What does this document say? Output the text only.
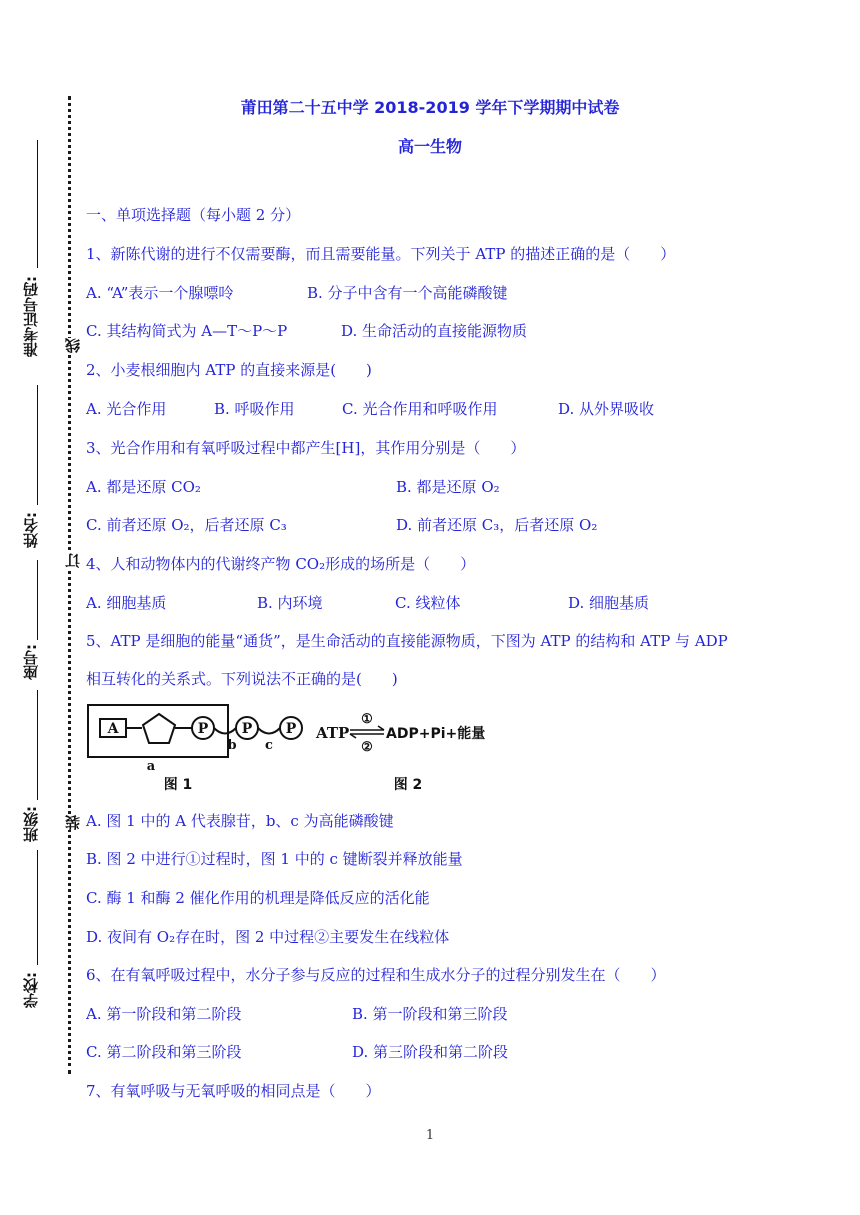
准考证号码:
姓名:
座号:
班级:
学校:
线
订
装
莆田第二十五中学 2018-2019 学年下学期期中试卷
高一生物
一、单项选择题（每小题 2 分）
1、新陈代谢的进行不仅需要酶，而且需要能量。下列关于 ATP 的描述正确的是（　　）
A. “A”表示一个腺嘌呤	B. 分子中含有一个高能磷酸键
C. 其结构简式为 A—T～P～P	D. 生命活动的直接能源物质
2、小麦根细胞内 ATP 的直接来源是(　　)
A. 光合作用	B. 呼吸作用	C. 光合作用和呼吸作用	D. 从外界吸收
3、光合作用和有氧呼吸过程中都产生[H]，其作用分别是（　　）
A. 都是还原 CO₂	B. 都是还原 O₂
C. 前者还原 O₂，后者还原 C₃	D. 前者还原 C₃，后者还原 O₂
4、人和动物体内的代谢终产物 CO₂形成的场所是（　　）
A. 细胞基质	B. 内环境	C. 线粒体	D. 细胞基质
5、ATP 是细胞的能量“通货”，是生命活动的直接能源物质，下图为 ATP 的结构和 ATP 与 ADP
相互转化的关系式。下列说法不正确的是(　　)
A	P P P
b c
a
图 1
ATP
①
②
ADP+Pi+能量
图 2
A. 图 1 中的 A 代表腺苷，b、c 为高能磷酸键
B. 图 2 中进行①过程时，图 1 中的 c 键断裂并释放能量
C. 酶 1 和酶 2 催化作用的机理是降低反应的活化能
D. 夜间有 O₂存在时，图 2 中过程②主要发生在线粒体
6、在有氧呼吸过程中，水分子参与反应的过程和生成水分子的过程分别发生在（　　）
A. 第一阶段和第二阶段	B. 第一阶段和第三阶段
C. 第二阶段和第三阶段	D. 第三阶段和第二阶段
7、有氧呼吸与无氧呼吸的相同点是（　　）
1
